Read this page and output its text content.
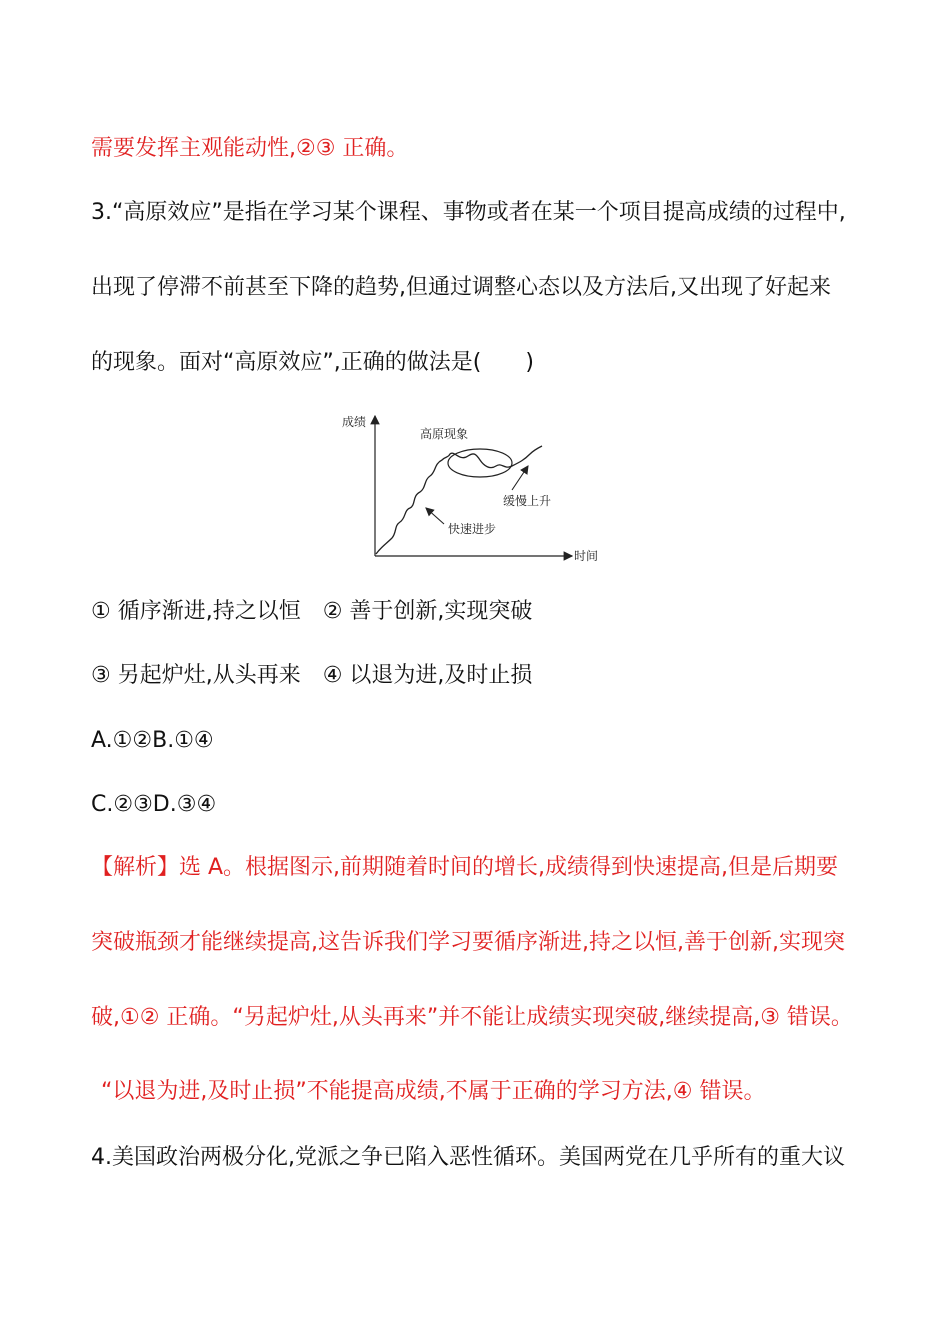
需要发挥主观能动性,②③ 正确。
3.“高原效应”是指在学习某个课程、事物或者在某一个项目提高成绩的过程中,
出现了停滞不前甚至下降的趋势,但通过调整心态以及方法后,又出现了好起来
的现象。面对“高原效应”,正确的做法是(　　)
成绩
时间
高原现象
缓慢上升
快速进步
① 循序渐进,持之以恒　② 善于创新,实现突破
③ 另起炉灶,从头再来　④ 以退为进,及时止损
A.①②B.①④
C.②③D.③④
【解析】选 A。根据图示,前期随着时间的增长,成绩得到快速提高,但是后期要
突破瓶颈才能继续提高,这告诉我们学习要循序渐进,持之以恒,善于创新,实现突
破,①② 正确。“另起炉灶,从头再来”并不能让成绩实现突破,继续提高,③ 错误。
“以退为进,及时止损”不能提高成绩,不属于正确的学习方法,④ 错误。
4.美国政治两极分化,党派之争已陷入恶性循环。美国两党在几乎所有的重大议
